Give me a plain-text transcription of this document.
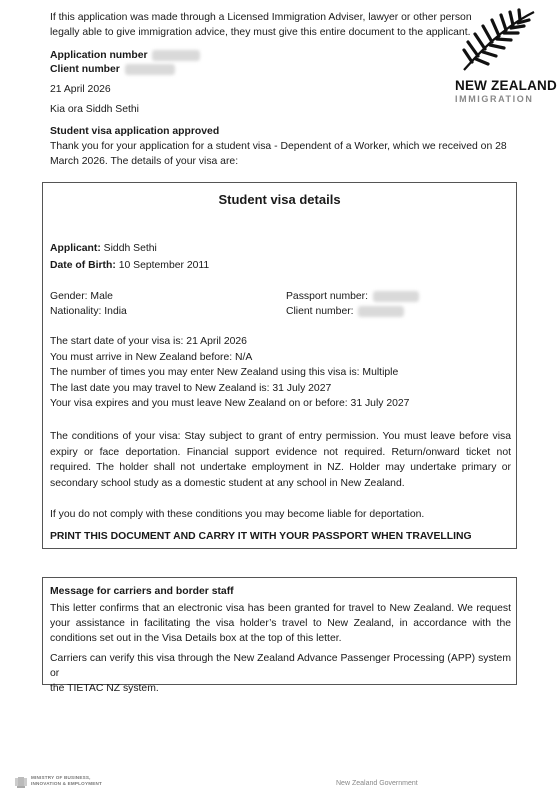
If this application was made through a Licensed Immigration Adviser, lawyer or other person
legally able to give immigration advice, they must give this entire document to the applicant.
NEW ZEALAND
IMMIGRATION
Application number
Client number
21 April 2026
Kia ora Siddh Sethi
Student visa application approved
Thank you for your application for a student visa - Dependent of a Worker, which we received on 28
March 2026. The details of your visa are:
Student visa details
Applicant: Siddh Sethi
Date of Birth: 10 September 2011
Gender: Male
Nationality: India
Passport number:
Client number:
The start date of your visa is: 21 April 2026
You must arrive in New Zealand before: N/A
The number of times you may enter New Zealand using this visa is: Multiple
The last date you may travel to New Zealand is: 31 July 2027
Your visa expires and you must leave New Zealand on or before: 31 July 2027
The conditions of your visa: Stay subject to grant of entry permission. You must leave before visa
expiry or face deportation. Financial support evidence not required. Return/onward ticket not
required. The holder shall not undertake employment in NZ. Holder may undertake primary or
secondary school study as a domestic student at any school in New Zealand.
If you do not comply with these conditions you may become liable for deportation.
PRINT THIS DOCUMENT AND CARRY IT WITH YOUR PASSPORT WHEN TRAVELLING
Message for carriers and border staff
This letter confirms that an electronic visa has been granted for travel to New Zealand. We request
your assistance in facilitating the visa holder’s travel to New Zealand, in accordance with the
conditions set out in the Visa Details box at the top of this letter.
Carriers can verify this visa through the New Zealand Advance Passenger Processing (APP) system or
the TIETAC NZ system.
MINISTRY OF BUSINESS,
INNOVATION & EMPLOYMENT	New Zealand Government
